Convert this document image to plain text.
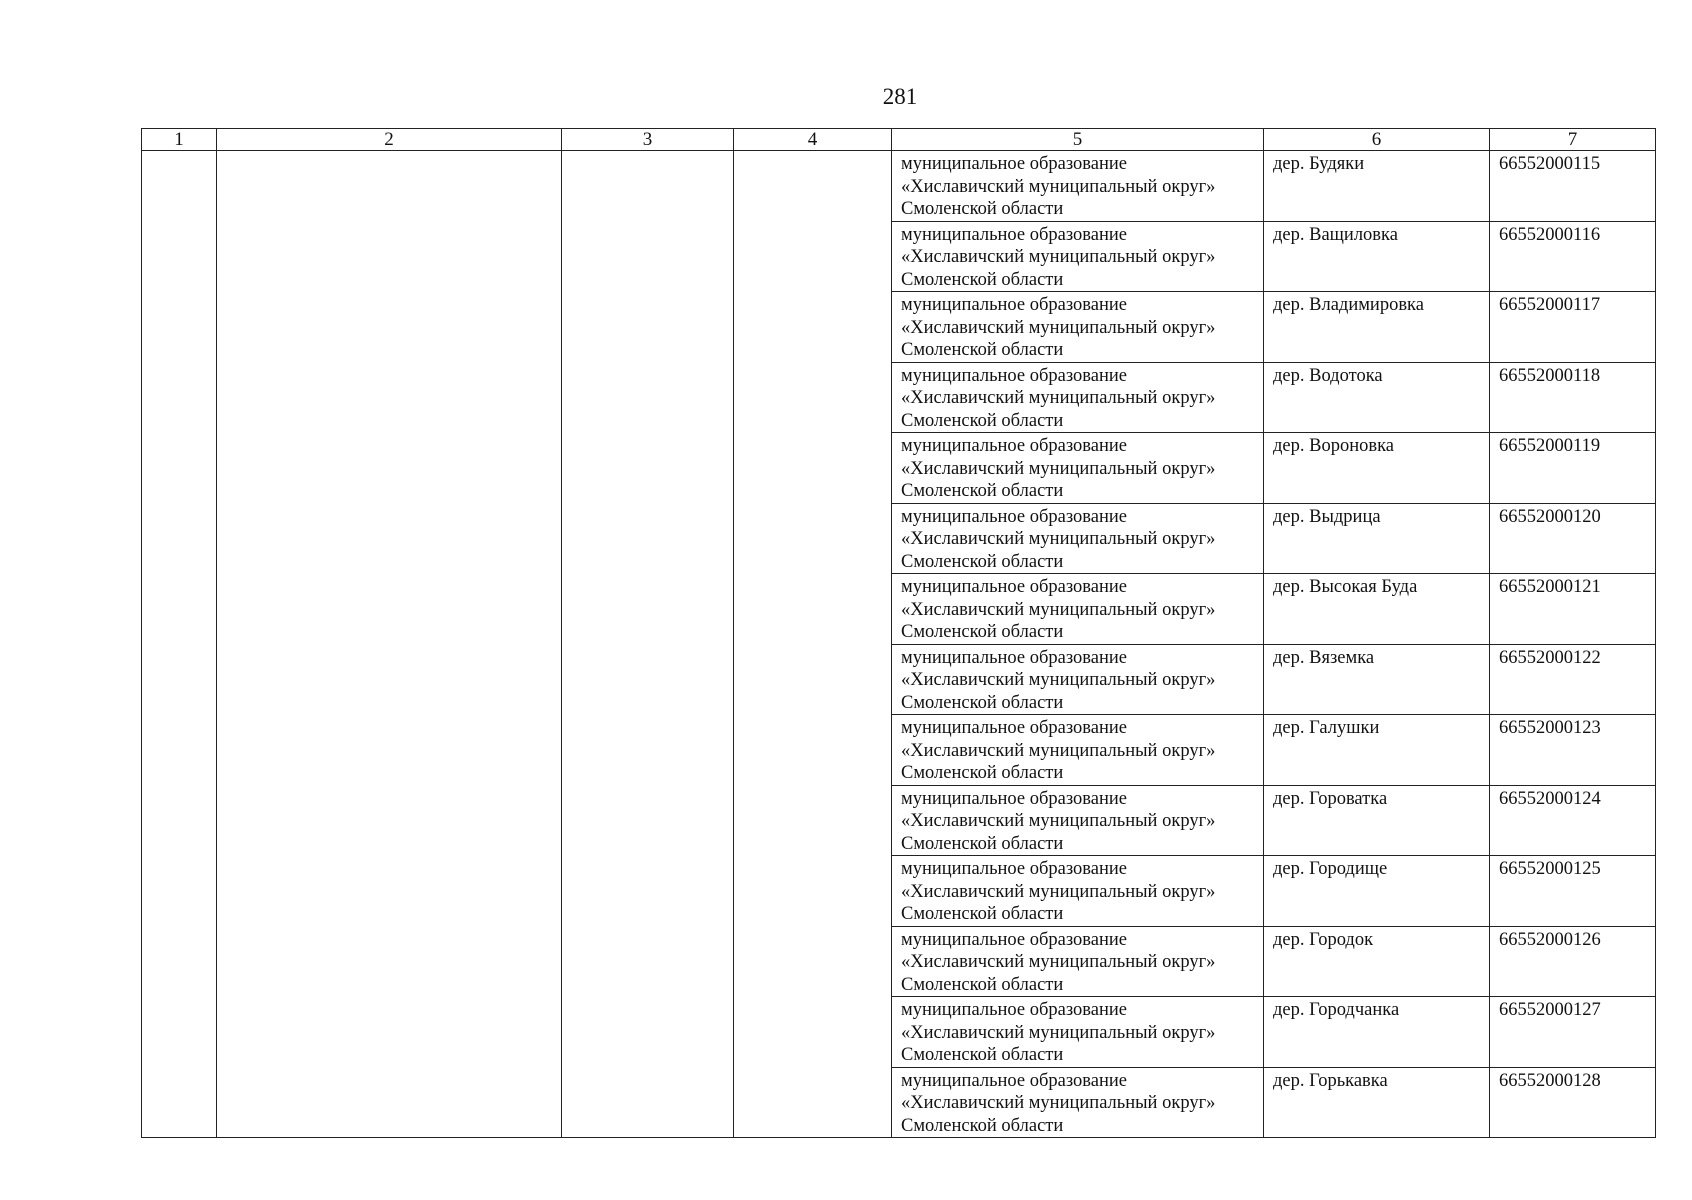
281
1	2	3	4	5	6	7

				муниципальное образование
«Хиславичский муниципальный округ»
Смоленской области	дер. Будяки	66552000115

				муниципальное образование
«Хиславичский муниципальный округ»
Смоленской области	дер. Ващиловка	66552000116

				муниципальное образование
«Хиславичский муниципальный округ»
Смоленской области	дер. Владимировка	66552000117

				муниципальное образование
«Хиславичский муниципальный округ»
Смоленской области	дер. Водотока	66552000118

				муниципальное образование
«Хиславичский муниципальный округ»
Смоленской области	дер. Вороновка	66552000119

				муниципальное образование
«Хиславичский муниципальный округ»
Смоленской области	дер. Выдрица	66552000120

				муниципальное образование
«Хиславичский муниципальный округ»
Смоленской области	дер. Высокая Буда	66552000121

				муниципальное образование
«Хиславичский муниципальный округ»
Смоленской области	дер. Вяземка	66552000122

				муниципальное образование
«Хиславичский муниципальный округ»
Смоленской области	дер. Галушки	66552000123

				муниципальное образование
«Хиславичский муниципальный округ»
Смоленской области	дер. Гороватка	66552000124

				муниципальное образование
«Хиславичский муниципальный округ»
Смоленской области	дер. Городище	66552000125

				муниципальное образование
«Хиславичский муниципальный округ»
Смоленской области	дер. Городок	66552000126

				муниципальное образование
«Хиславичский муниципальный округ»
Смоленской области	дер. Городчанка	66552000127

				муниципальное образование
«Хиславичский муниципальный округ»
Смоленской области	дер. Горькавка	66552000128
